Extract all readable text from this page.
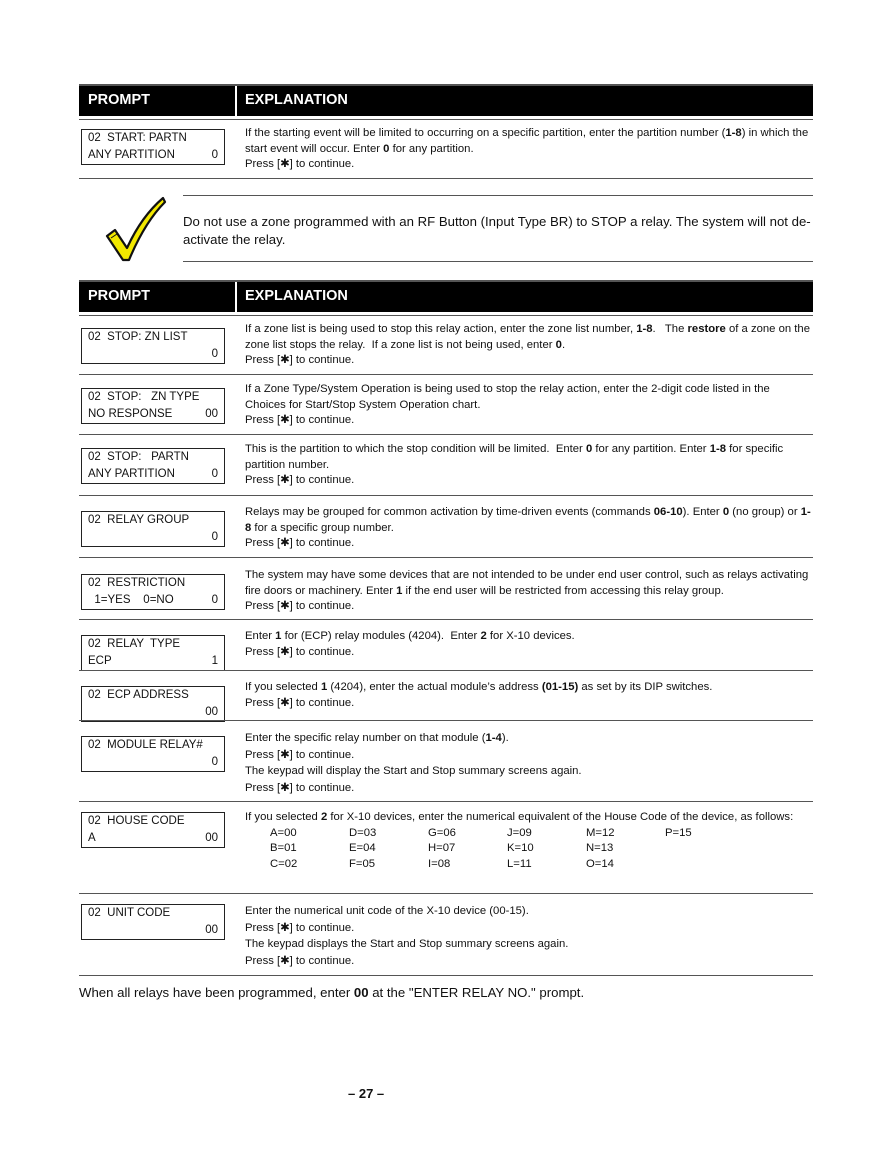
PROMPT	EXPLANATION
02  START: PARTN
ANY PARTITION	0

If the starting event will be limited to occurring on a specific partition, enter the partition number (1-8) in which the start event will occur. Enter 0 for any partition.

Press [✱] to continue.

Do not use a zone programmed with an RF Button (Input Type BR) to STOP a relay. The system will not de-activate the relay.
PROMPT	EXPLANATION
02  STOP: ZN LIST
0

If a zone list is being used to stop this relay action, enter the zone list number, 1-8.   The restore of a zone on the zone list stops the relay.  If a zone list is not being used, enter 0.

Press [✱] to continue.

02  STOP:   ZN TYPE
NO RESPONSE	00

If a Zone Type/System Operation is being used to stop the relay action, enter the 2-digit code listed in the Choices for Start/Stop System Operation chart.

Press [✱] to continue.

02  STOP:   PARTN
ANY PARTITION	0

This is the partition to which the stop condition will be limited.  Enter 0 for any partition. Enter 1-8 for specific partition number.

Press [✱] to continue.

02  RELAY GROUP
0

Relays may be grouped for common activation by time-driven events (commands 06-10). Enter 0 (no group) or 1-8 for a specific group number.

Press [✱] to continue.

02  RESTRICTION
1=YES    0=NO	0

The system may have some devices that are not intended to be under end user control, such as relays activating fire doors or machinery. Enter 1 if the end user will be restricted from accessing this relay group.

Press [✱] to continue.

02  RELAY  TYPE
ECP	1

Enter 1 for (ECP) relay modules (4204).  Enter 2 for X-10 devices.

Press [✱] to continue.

02  ECP ADDRESS
00

If you selected 1 (4204), enter the actual module’s address (01-15) as set by its DIP switches.

Press [✱] to continue.

02  MODULE RELAY#
0

Enter the specific relay number on that module (1-4).

Press [✱] to continue.

The keypad will display the Start and Stop summary screens again.

Press [✱] to continue.

02  HOUSE CODE
A	00

If you selected 2 for X-10 devices, enter the numerical equivalent of the House Code of the device, as follows:

A=00	D=03	G=06	J=09	M=12	P=15
B=01	E=04	H=07	K=10	N=13
C=02	F=05	I=08	L=11	O=14
02  UNIT CODE
00

Enter the numerical unit code of the X-10 device (00-15).

Press [✱] to continue.

The keypad displays the Start and Stop summary screens again.

Press [✱] to continue.

When all relays have been programmed, enter 00 at the "ENTER RELAY NO." prompt.
– 27 –
